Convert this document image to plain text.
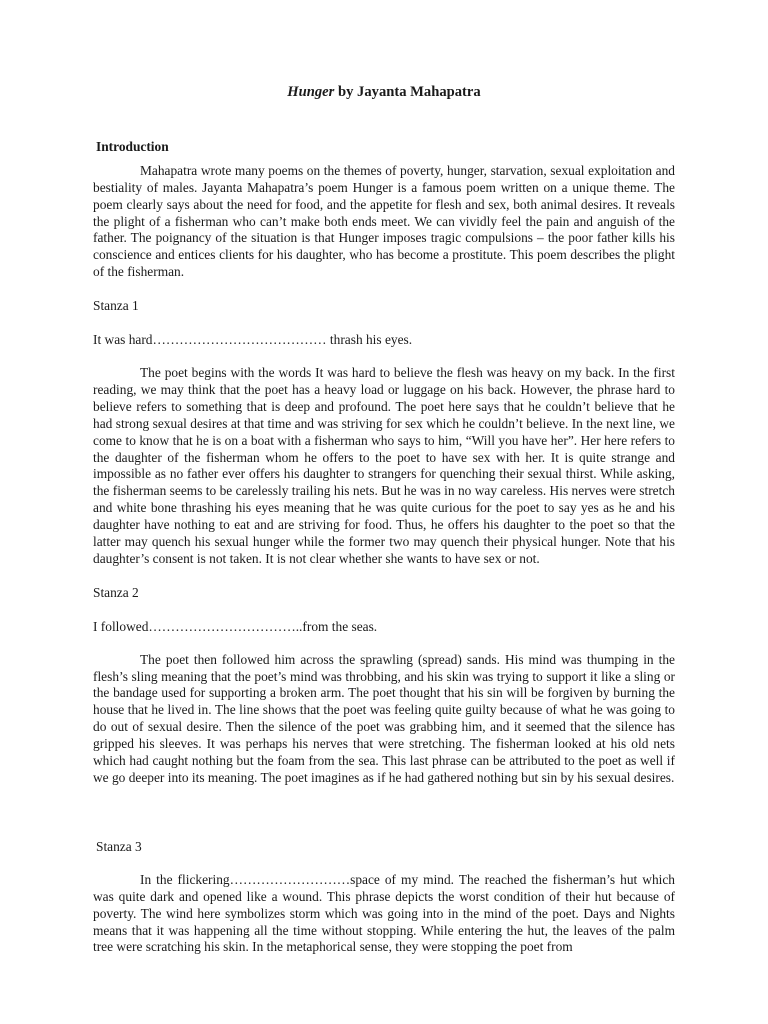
Hunger by Jayanta Mahapatra
Introduction

Mahapatra wrote many poems on the themes of poverty, hunger, starvation, sexual exploitation and bestiality of males. Jayanta Mahapatra’s poem Hunger is a famous poem written on a unique theme. The poem clearly says about the need for food, and the appetite for flesh and sex, both animal desires. It reveals the plight of a fisherman who can’t make both ends meet. We can vividly feel the pain and anguish of the father. The poignancy of the situation is that Hunger imposes tragic compulsions – the poor father kills his conscience and entices clients for his daughter, who has become a prostitute. This poem describes the plight of the fisherman.

Stanza 1

It was hard………………………………… thrash his eyes.

The poet begins with the words It was hard to believe the flesh was heavy on my back. In the first reading, we may think that the poet has a heavy load or luggage on his back. However, the phrase hard to believe refers to something that is deep and profound. The poet here says that he couldn’t believe that he had strong sexual desires at that time and was striving for sex which he couldn’t believe. In the next line, we come to know that he is on a boat with a fisherman who says to him, “Will you have her”. Her here refers to the daughter of the fisherman whom he offers to the poet to have sex with her. It is quite strange and impossible as no father ever offers his daughter to strangers for quenching their sexual thirst. While asking, the fisherman seems to be carelessly trailing his nets. But he was in no way careless. His nerves were stretch and white bone thrashing his eyes meaning that he was quite curious for the poet to say yes as he and his daughter have nothing to eat and are striving for food. Thus, he offers his daughter to the poet so that the latter may quench his sexual hunger while the former two may quench their physical hunger. Note that his daughter’s consent is not taken. It is not clear whether she wants to have sex or not.

Stanza 2

I followed……………………………..from the seas.

The poet then followed him across the sprawling (spread) sands. His mind was thumping in the flesh’s sling meaning that the poet’s mind was throbbing, and his skin was trying to support it like a sling or the bandage used for supporting a broken arm. The poet thought that his sin will be forgiven by burning the house that he lived in. The line shows that the poet was feeling quite guilty because of what he was going to do out of sexual desire. Then the silence of the poet was grabbing him, and it seemed that the silence has gripped his sleeves. It was perhaps his nerves that were stretching. The fisherman looked at his old nets which had caught nothing but the foam from the sea. This last phrase can be attributed to the poet as well if we go deeper into its meaning. The poet imagines as if he had gathered nothing but sin by his sexual desires.

Stanza 3

In the flickering………………………space of my mind. The reached the fisherman’s hut which was quite dark and opened like a wound. This phrase depicts the worst condition of their hut because of poverty. The wind here symbolizes storm which was going into in the mind of the poet. Days and Nights means that it was happening all the time without stopping. While entering the hut, the leaves of the palm tree were scratching his skin. In the metaphorical sense, they were stopping the poet from
